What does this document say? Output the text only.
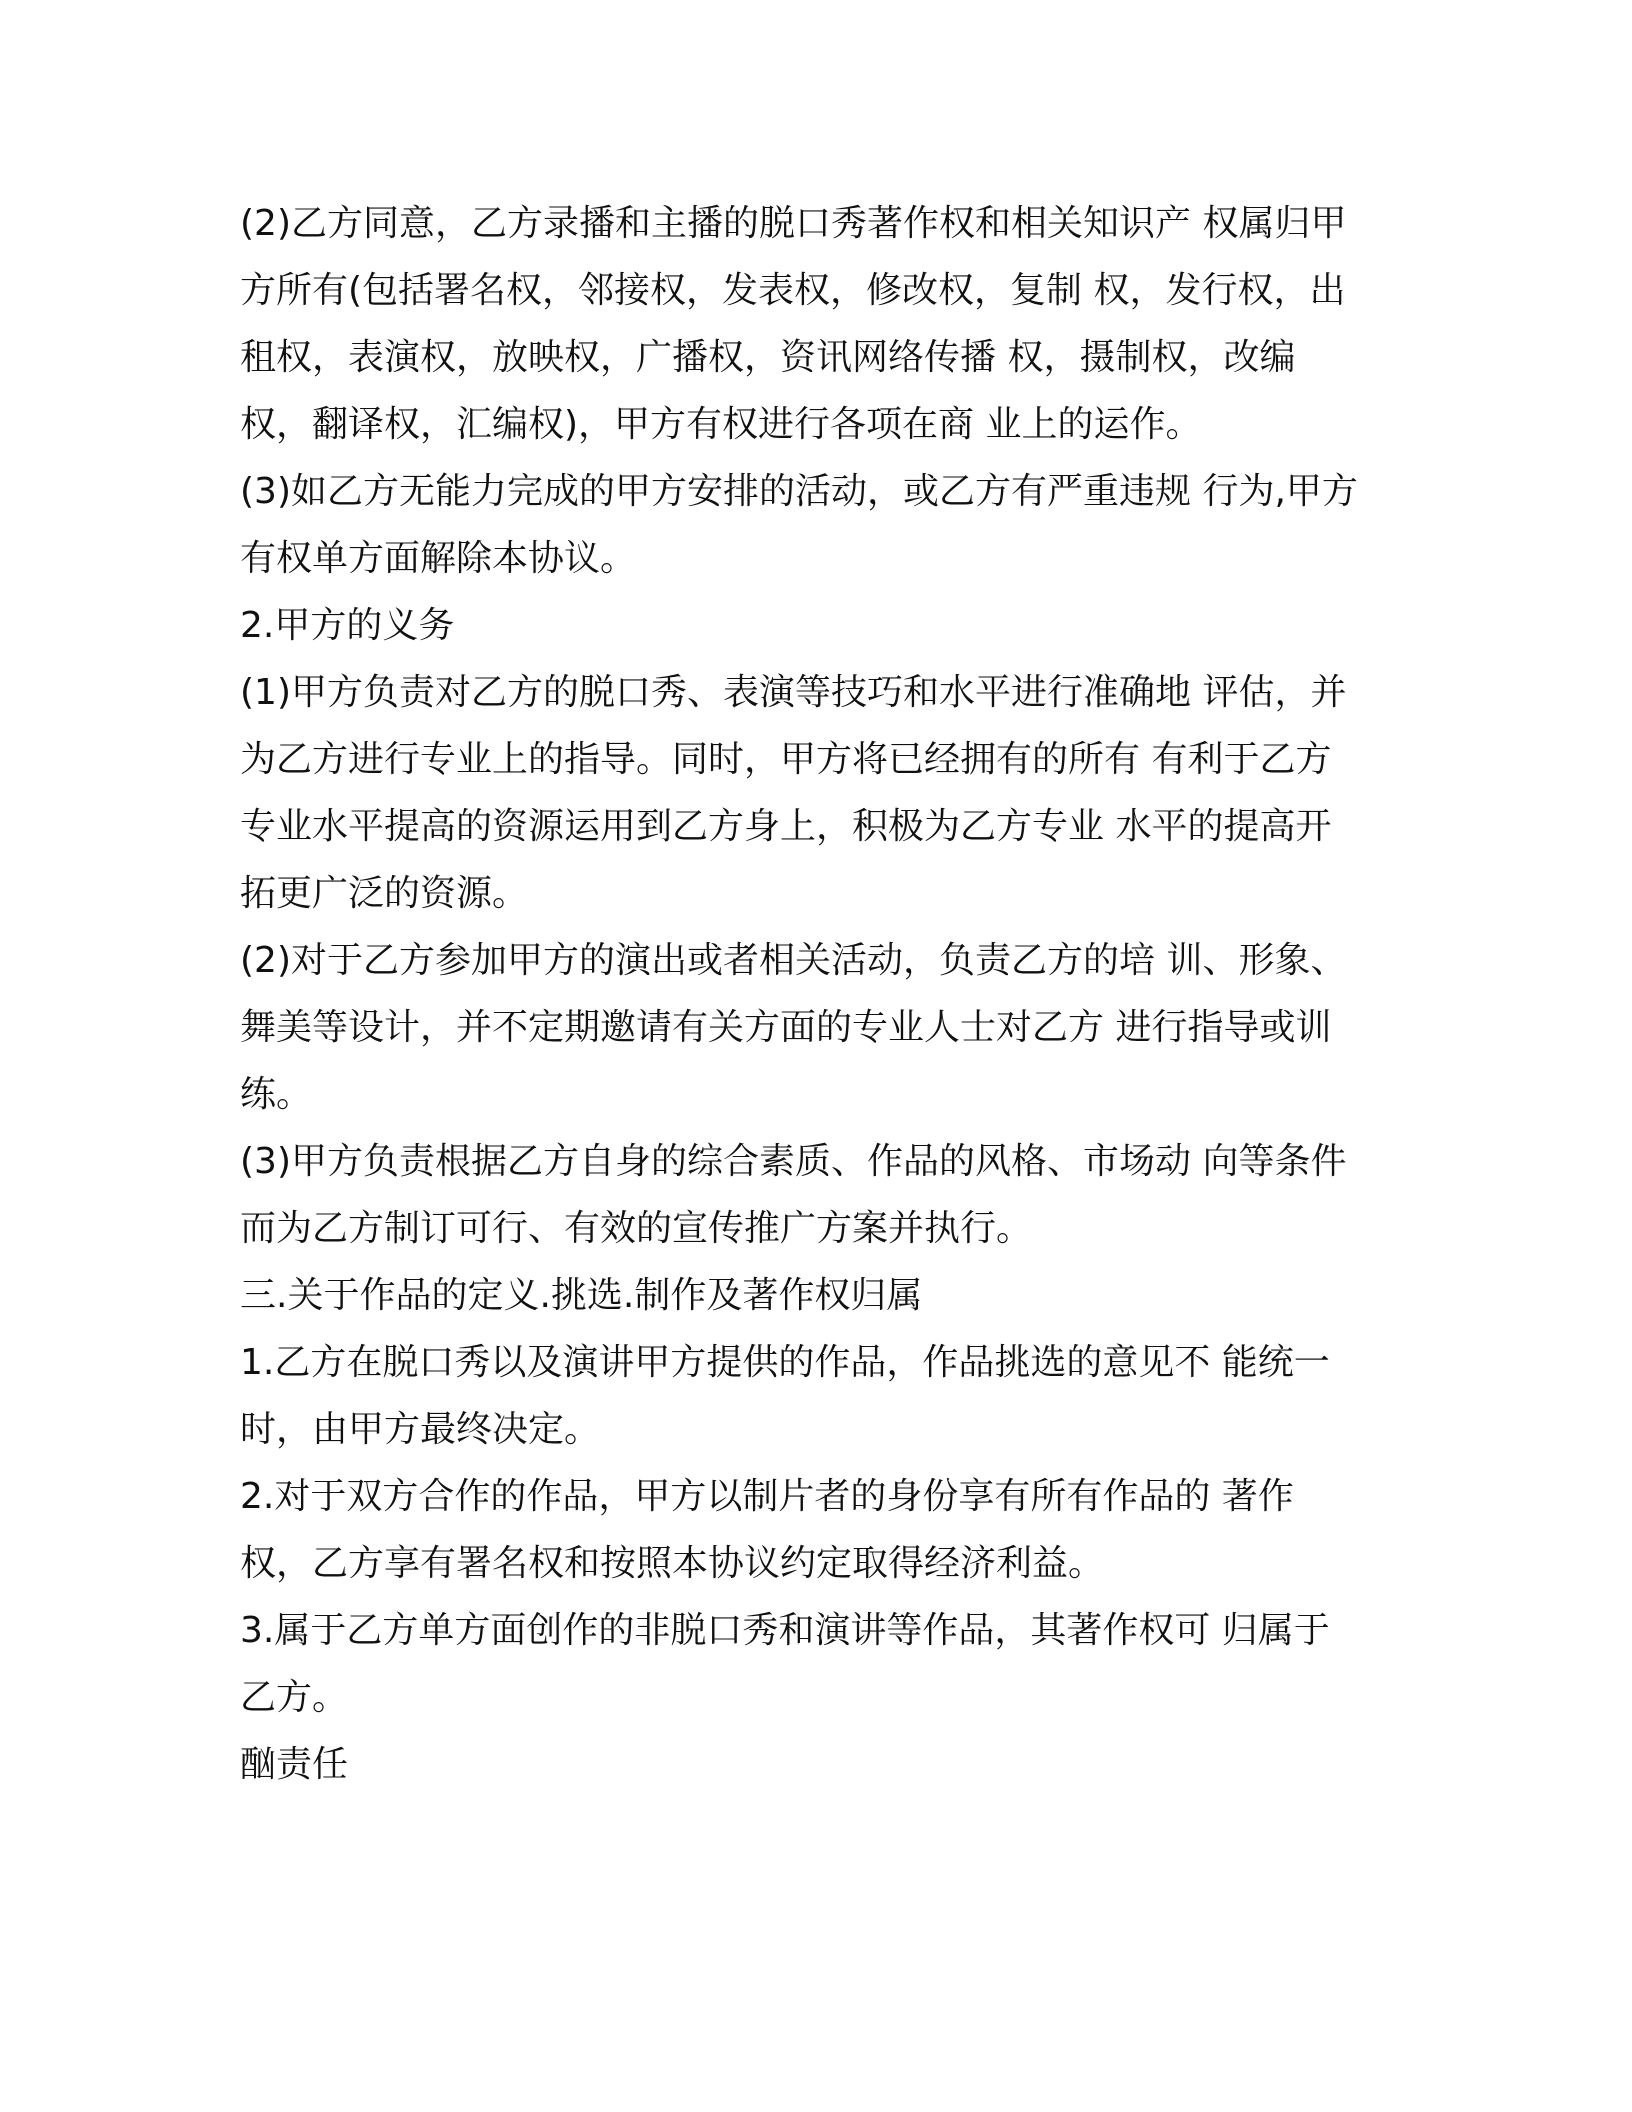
(2)乙方同意，乙方录播和主播的脱口秀著作权和相关知识产 权属归甲
方所有(包括署名权，邻接权，发表权，修改权，复制 权，发行权，出
租权，表演权，放映权，广播权，资讯网络传播 权，摄制权，改编
权，翻译权，汇编权)，甲方有权进行各项在商 业上的运作。

(3)如乙方无能力完成的甲方安排的活动，或乙方有严重违规 行为,甲方
有权单方面解除本协议。

2.甲方的义务

(1)甲方负责对乙方的脱口秀、表演等技巧和水平进行准确地 评估，并
为乙方进行专业上的指导。同时，甲方将已经拥有的所有 有利于乙方
专业水平提高的资源运用到乙方身上，积极为乙方专业 水平的提高开
拓更广泛的资源。

(2)对于乙方参加甲方的演出或者相关活动，负责乙方的培 训、形象、
舞美等设计，并不定期邀请有关方面的专业人士对乙方 进行指导或训
练。

(3)甲方负责根据乙方自身的综合素质、作品的风格、市场动 向等条件
而为乙方制订可行、有效的宣传推广方案并执行。

三.关于作品的定义.挑选.制作及著作权归属

1.乙方在脱口秀以及演讲甲方提供的作品，作品挑选的意见不 能统一
时，由甲方最终决定。

2.对于双方合作的作品，甲方以制片者的身份享有所有作品的 著作
权，乙方享有署名权和按照本协议约定取得经济利益。

3.属于乙方单方面创作的非脱口秀和演讲等作品，其著作权可 归属于
乙方。

酗责任
